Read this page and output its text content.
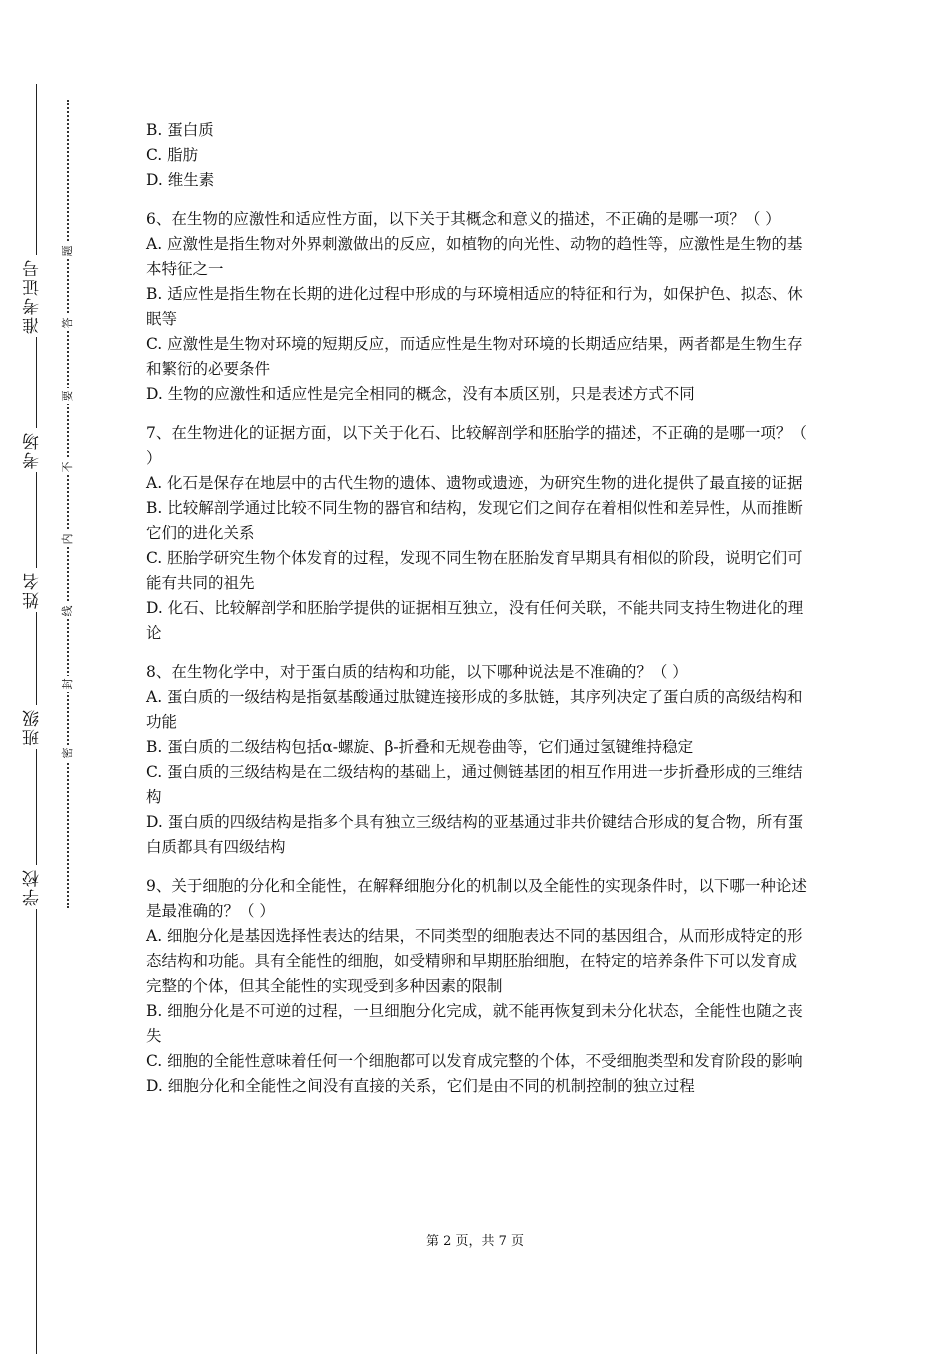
学校
班级
姓名
考场
准考证号
密
封
线
内
不
要
答
题

B. 蛋白质

C. 脂肪

D. 维生素

6、在生物的应激性和适应性方面，以下关于其概念和意义的描述，不正确的是哪一项？（ ）

A. 应激性是指生物对外界刺激做出的反应，如植物的向光性、动物的趋性等，应激性是生物的基本特征之一

B. 适应性是指生物在长期的进化过程中形成的与环境相适应的特征和行为，如保护色、拟态、休眠等

C. 应激性是生物对环境的短期反应，而适应性是生物对环境的长期适应结果，两者都是生物生存和繁衍的必要条件

D. 生物的应激性和适应性是完全相同的概念，没有本质区别，只是表述方式不同

7、在生物进化的证据方面，以下关于化石、比较解剖学和胚胎学的描述，不正确的是哪一项？（ ）

A. 化石是保存在地层中的古代生物的遗体、遗物或遗迹，为研究生物的进化提供了最直接的证据

B. 比较解剖学通过比较不同生物的器官和结构，发现它们之间存在着相似性和差异性，从而推断它们的进化关系

C. 胚胎学研究生物个体发育的过程，发现不同生物在胚胎发育早期具有相似的阶段，说明它们可能有共同的祖先

D. 化石、比较解剖学和胚胎学提供的证据相互独立，没有任何关联，不能共同支持生物进化的理论

8、在生物化学中，对于蛋白质的结构和功能，以下哪种说法是不准确的？（ ）

A. 蛋白质的一级结构是指氨基酸通过肽键连接形成的多肽链，其序列决定了蛋白质的高级结构和功能

B. 蛋白质的二级结构包括α-螺旋、β-折叠和无规卷曲等，它们通过氢键维持稳定

C. 蛋白质的三级结构是在二级结构的基础上，通过侧链基团的相互作用进一步折叠形成的三维结构

D. 蛋白质的四级结构是指多个具有独立三级结构的亚基通过非共价键结合形成的复合物，所有蛋白质都具有四级结构

9、关于细胞的分化和全能性，在解释细胞分化的机制以及全能性的实现条件时，以下哪一种论述是最准确的？（ ）

A. 细胞分化是基因选择性表达的结果，不同类型的细胞表达不同的基因组合，从而形成特定的形态结构和功能。具有全能性的细胞，如受精卵和早期胚胎细胞，在特定的培养条件下可以发育成完整的个体，但其全能性的实现受到多种因素的限制

B. 细胞分化是不可逆的过程，一旦细胞分化完成，就不能再恢复到未分化状态，全能性也随之丧失

C. 细胞的全能性意味着任何一个细胞都可以发育成完整的个体，不受细胞类型和发育阶段的影响

D. 细胞分化和全能性之间没有直接的关系，它们是由不同的机制控制的独立过程

第 2 页，共 7 页
